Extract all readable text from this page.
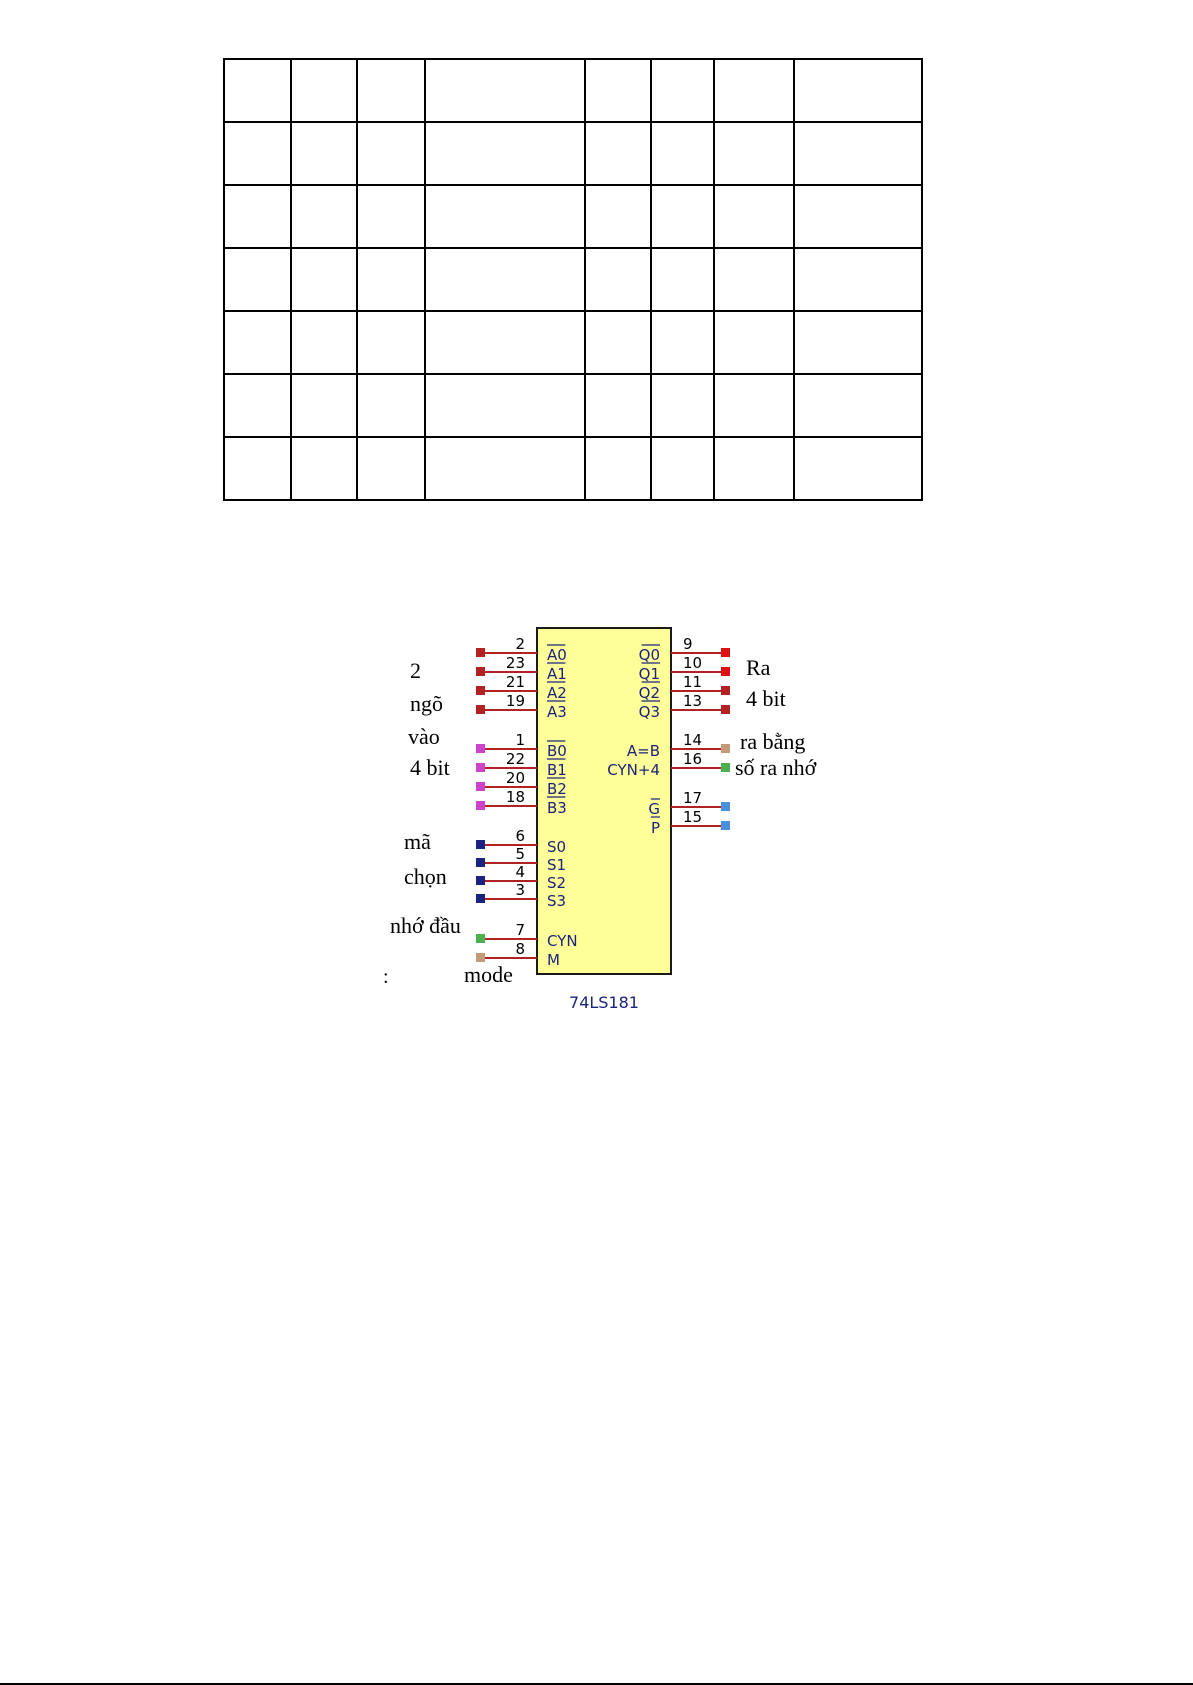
2
A0
23
A1
21
A2
19
A3
1
B0
22
B1
20
B2
18
B3
6
S0
5
S1
4
S2
3
S3
7
CYN
8
M
9
Q0 10
Q1 11
Q2 13
Q3
14
A=B 16
CYN+4
17
G 15
P
74LS181
2
ngõ
vào
4 bit
mã
chọn
nhớ đầu
:	mode
Ra
4 bit
ra bằng
số ra nhớ
